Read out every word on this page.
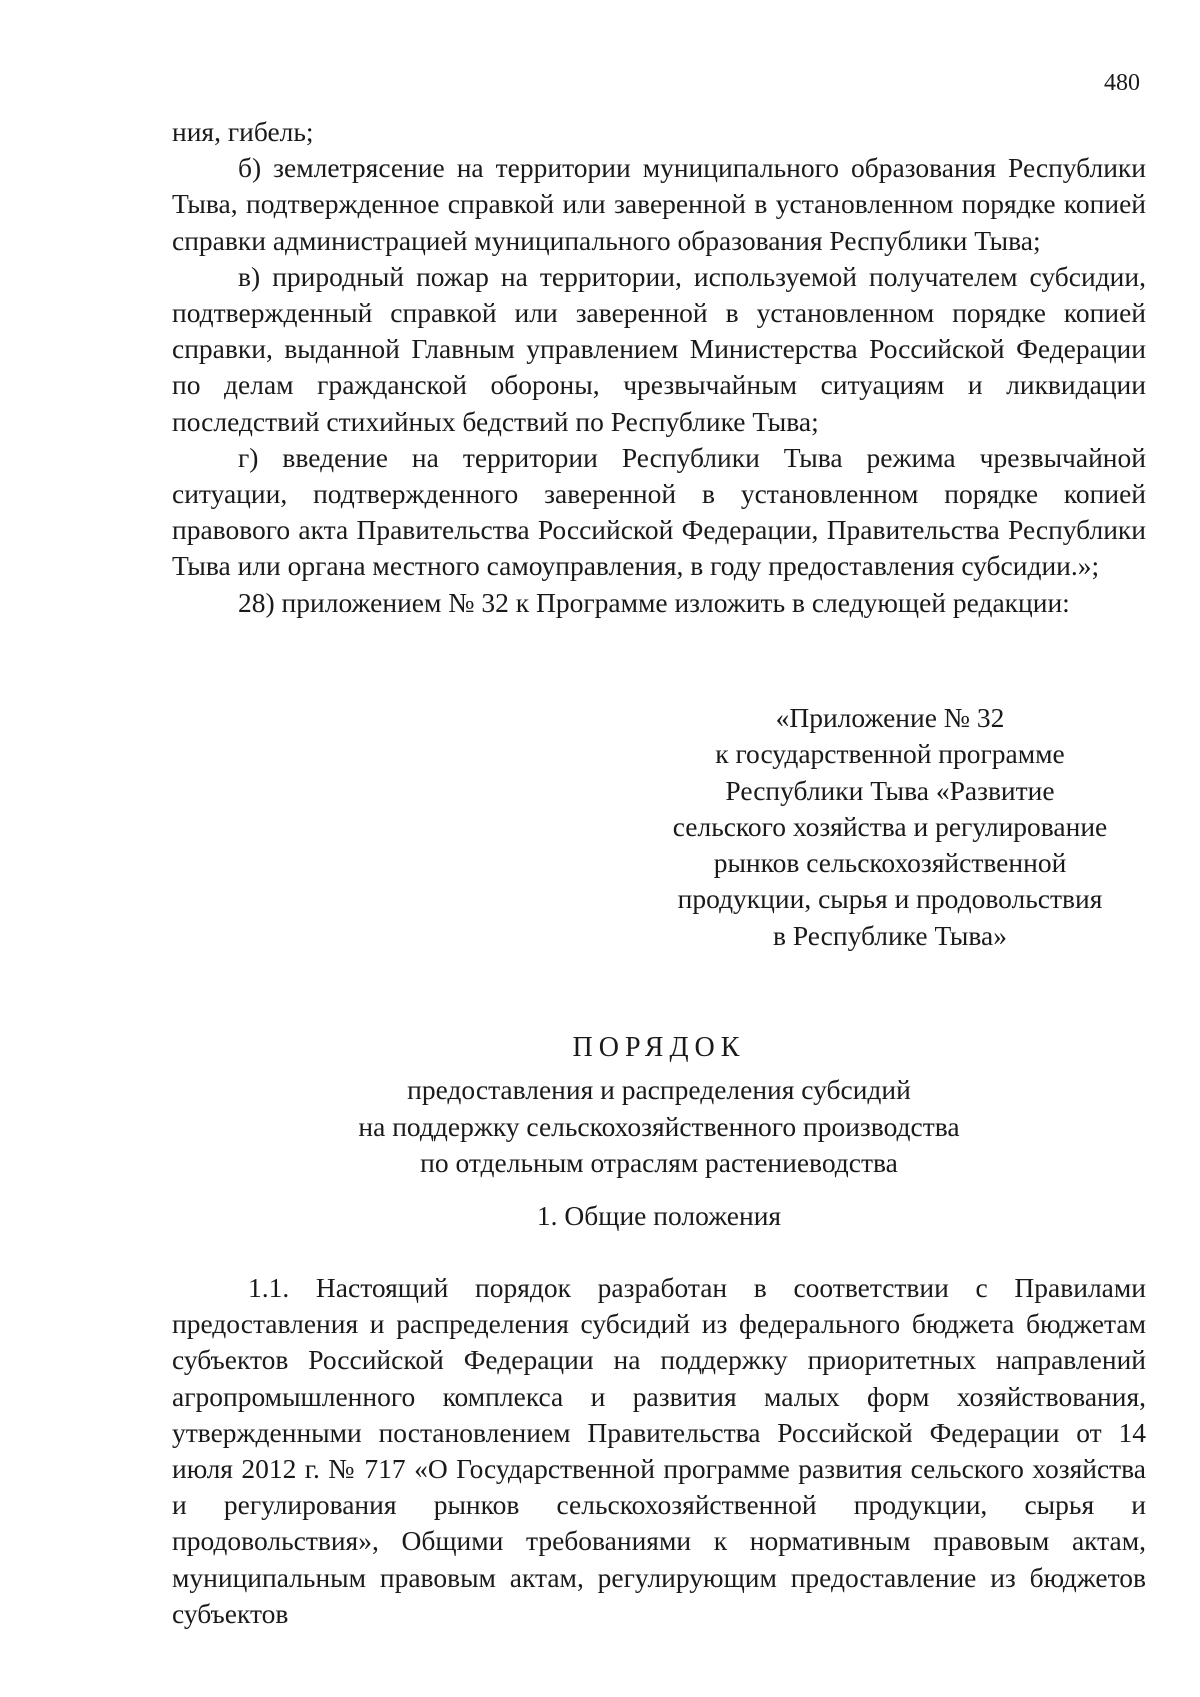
480

ния, гибель;

б) землетрясение на территории муниципального образования Республики Тыва, подтвержденное справкой или заверенной в установленном порядке копией справки администрацией муниципального образования Республики Тыва;

в) природный пожар на территории, используемой получателем субсидии, подтвержденный справкой или заверенной в установленном порядке копией справки, выданной Главным управлением Министерства Российской Федерации по делам гражданской обороны, чрезвычайным ситуациям и ликвидации последствий стихийных бедствий по Республике Тыва;

г) введение на территории Республики Тыва режима чрезвычайной ситуации, подтвержденного заверенной в установленном порядке копией правового акта Правительства Российской Федерации, Правительства Республики Тыва или органа местного самоуправления, в году предоставления субсидии.»;

28) приложением № 32 к Программе изложить в следующей редакции:

«Приложение № 32
к государственной программе
Республики Тыва «Развитие
сельского хозяйства и регулирование
рынков сельскохозяйственной
продукции, сырья и продовольствия
в Республике Тыва»
ПОРЯДОК
предоставления и распределения субсидий
на поддержку сельскохозяйственного производства
по отдельным отраслям растениеводства
1. Общие положения

1.1. Настоящий порядок разработан в соответствии с Правилами предоставления и распределения субсидий из федерального бюджета бюджетам субъектов Российской Федерации на поддержку приоритетных направлений агропромышленного комплекса и развития малых форм хозяйствования, утвержденными постановлением Правительства Российской Федерации от 14 июля 2012 г. № 717 «О Государственной программе развития сельского хозяйства и регулирования рынков сельскохозяйственной продукции, сырья и продовольствия», Общими требованиями к нормативным правовым актам, муниципальным правовым актам, регулирующим предоставление из бюджетов субъектов
